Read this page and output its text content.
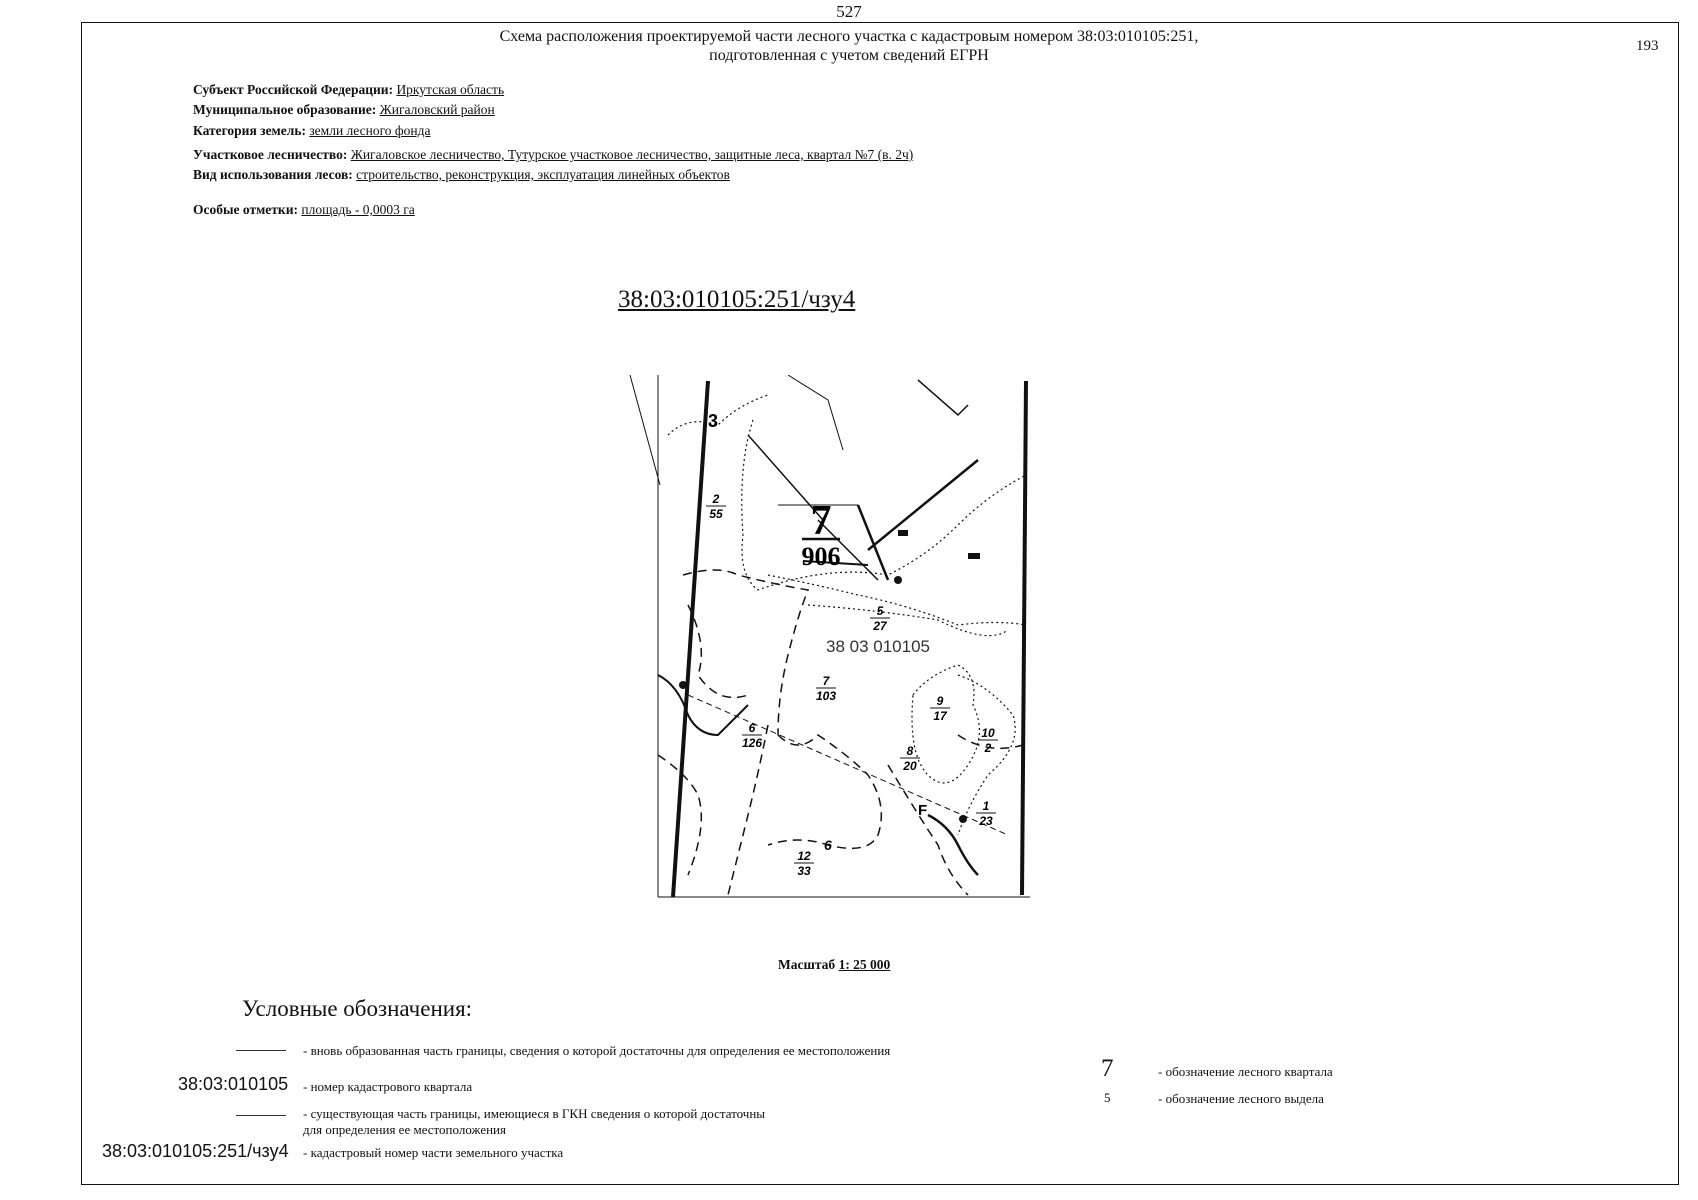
527
193
Схема расположения проектируемой части лесного участка с кадастровым номером 38:03:010105:251,
подготовленная с учетом сведений ЕГРН
Субъект Российской Федерации: Иркутская область
Муниципальное образование: Жигаловский район
Категория земель: земли лесного фонда
Участковое лесничество: Жигаловское лесничество, Тутурское участковое лесничество, защитные леса, квартал №7 (в. 2ч)
Вид использования лесов: строительство, реконструкция, эксплуатация линейных объектов
Особые отметки: площадь - 0,0003 га
38:03:010105:251/чзу4
7
906
38 03 010105
3
6
F
2
55
5
27
7
103
6
126
9
17
10
2
8
20
1
23
12
33
Масштаб 1: 25 000
Условные обозначения:
- вновь образованная часть границы, сведения о которой достаточны для определения ее местоположения
38:03:010105 - номер кадастрового квартала
- существующая часть границы, имеющиеся в ГКН сведения о которой достаточны
для определения ее местоположения
38:03:010105:251/чзу4 - кадастровый номер части земельного участка
7	- обозначение лесного квартала
5	- обозначение лесного выдела
